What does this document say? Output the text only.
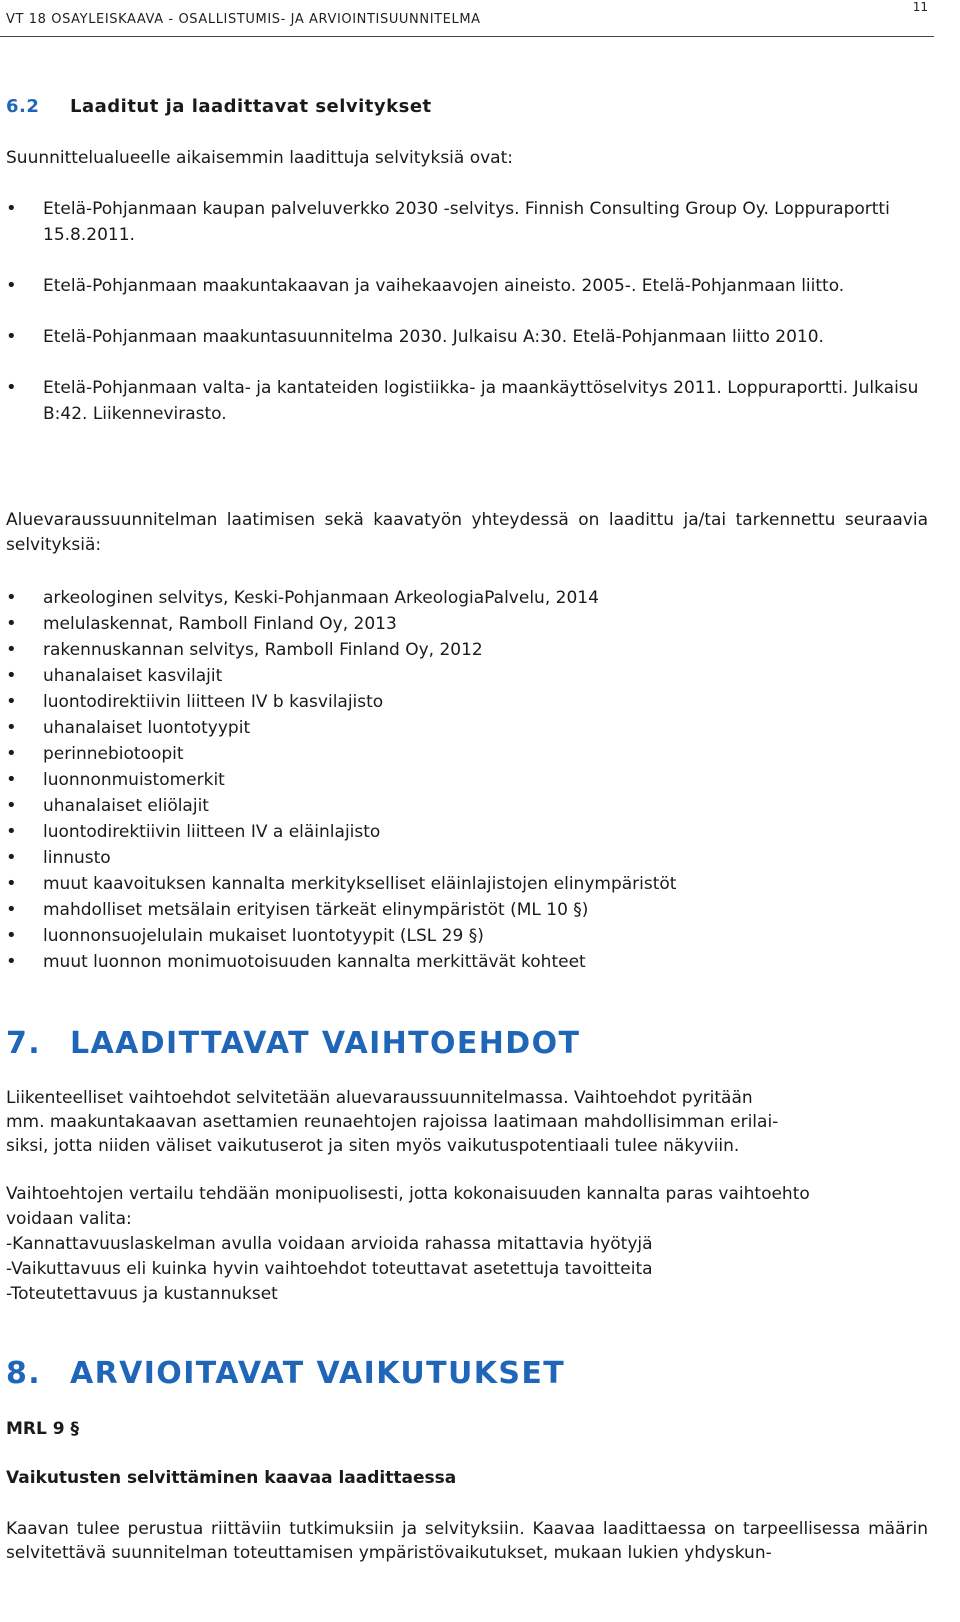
VT 18 OSAYLEISKAAVA - OSALLISTUMIS- JA ARVIOINTISUUNNITELMA
11
6.2 Laaditut ja laadittavat selvitykset
Suunnittelualueelle aikaisemmin laadittuja selvityksiä ovat:
• Etelä-Pohjanmaan kaupan palveluverkko 2030 -selvitys. Finnish Consulting Group Oy. Loppuraportti 15.8.2011.
• Etelä-Pohjanmaan maakuntakaavan ja vaihekaavojen aineisto. 2005-. Etelä-Pohjanmaan liitto.
• Etelä-Pohjanmaan maakuntasuunnitelma 2030. Julkaisu A:30. Etelä-Pohjanmaan liitto 2010.
• Etelä-Pohjanmaan valta- ja kantateiden logistiikka- ja maankäyttöselvitys 2011. Loppuraportti. Julkaisu B:42. Liikennevirasto.
Aluevaraussuunnitelman laatimisen sekä kaavatyön yhteydessä on laadittu ja/tai tarkennettu seuraavia selvityksiä:
• arkeologinen selvitys, Keski-Pohjanmaan ArkeologiaPalvelu, 2014
• melulaskennat, Ramboll Finland Oy, 2013
• rakennuskannan selvitys, Ramboll Finland Oy, 2012
• uhanalaiset kasvilajit
• luontodirektiivin liitteen IV b kasvilajisto
• uhanalaiset luontotyypit
• perinnebiotoopit
• luonnonmuistomerkit
• uhanalaiset eliölajit
• luontodirektiivin liitteen IV a eläinlajisto
• linnusto
• muut kaavoituksen kannalta merkitykselliset eläinlajistojen elinympäristöt
• mahdolliset metsälain erityisen tärkeät elinympäristöt (ML 10 §)
• luonnonsuojelulain mukaiset luontotyypit (LSL 29 §)
• muut luonnon monimuotoisuuden kannalta merkittävät kohteet
7. LAADITTAVAT VAIHTOEHDOT
Liikenteelliset vaihtoehdot selvitetään aluevaraussuunnitelmassa. Vaihtoehdot pyritään
mm. maakuntakaavan asettamien reunaehtojen rajoissa laatimaan mahdollisimman erilai-
siksi, jotta niiden väliset vaikutuserot ja siten myös vaikutuspotentiaali tulee näkyviin.
Vaihtoehtojen vertailu tehdään monipuolisesti, jotta kokonaisuuden kannalta paras vaihtoehto
voidaan valita:
-Kannattavuuslaskelman avulla voidaan arvioida rahassa mitattavia hyötyjä
-Vaikuttavuus eli kuinka hyvin vaihtoehdot toteuttavat asetettuja tavoitteita
-Toteutettavuus ja kustannukset
8. ARVIOITAVAT VAIKUTUKSET
MRL 9 §
Vaikutusten selvittäminen kaavaa laadittaessa
Kaavan tulee perustua riittäviin tutkimuksiin ja selvityksiin. Kaavaa laadittaessa on tarpeellisessa määrin selvitettävä suunnitelman toteuttamisen ympäristövaikutukset, mukaan lukien yhdyskun-
